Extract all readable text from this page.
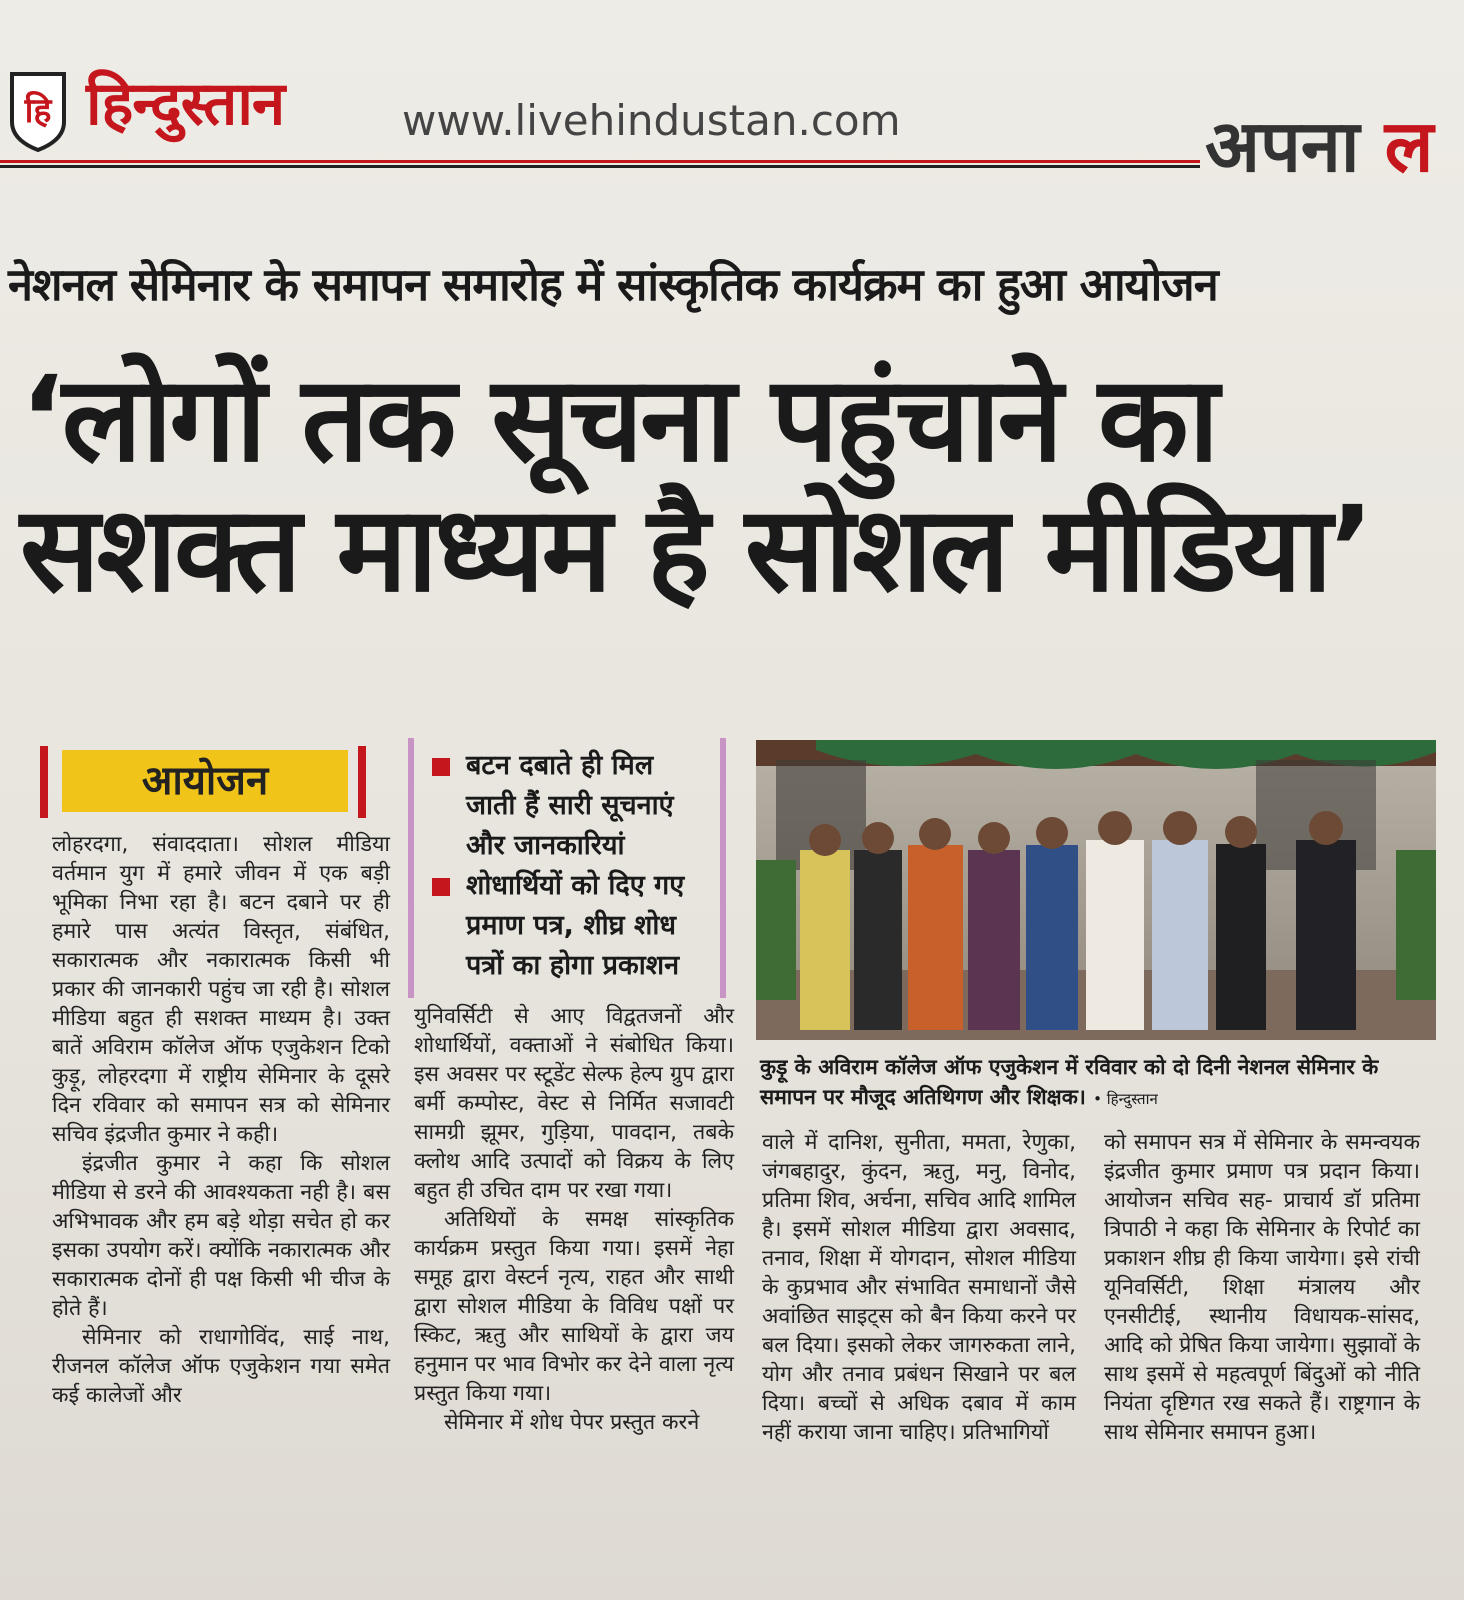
हि हिन्दुस्तान	www.livehindustan.com	अपना ल
नेशनल सेमिनार के समापन समारोह में सांस्कृतिक कार्यक्रम का हुआ आयोजन
‘लोगों तक सूचना पहुंचाने का
सशक्त माध्यम है सोशल मीडिया’
आयोजन	बटन दबाते ही मिल जाती हैं सारी सूचनाएं और जानकारियां
शोधार्थियों को दिए गए प्रमाण पत्र, शीघ्र शोध पत्रों का होगा प्रकाशन
कुड़ू के अविराम कॉलेज ऑफ एजुकेशन में रविवार को दो दिनी नेशनल सेमिनार के समापन पर मौजूद अतिथिगण और शिक्षक। • हिन्दुस्तान

लोहरदगा, संवाददाता। सोशल मीडिया वर्तमान युग में हमारे जीवन में एक बड़ी भूमिका निभा रहा है। बटन दबाने पर ही हमारे पास अत्यंत विस्तृत, संबंधित, सकारात्मक और नकारात्मक किसी भी प्रकार की जानकारी पहुंच जा रही है। सोशल मीडिया बहुत ही सशक्त माध्यम है। उक्त बातें अविराम कॉलेज ऑफ एजुकेशन टिको कुड़ू, लोहरदगा में राष्ट्रीय सेमिनार के दूसरे दिन रविवार को समापन सत्र को सेमिनार सचिव इंद्रजीत कुमार ने कही।

इंद्रजीत कुमार ने कहा कि सोशल मीडिया से डरने की आवश्यकता नही है। बस अभिभावक और हम बड़े थोड़ा सचेत हो कर इसका उपयोग करें। क्योंकि नकारात्मक और सकारात्मक दोनों ही पक्ष किसी भी चीज के होते हैं।

सेमिनार को राधागोविंद, साई नाथ, रीजनल कॉलेज ऑफ एजुकेशन गया समेत कई कालेजों और

युनिवर्सिटी से आए विद्वतजनों और शोधार्थियों, वक्ताओं ने संबोधित किया। इस अवसर पर स्टूडेंट सेल्फ हेल्प ग्रुप द्वारा बर्मी कम्पोस्ट, वेस्ट से निर्मित सजावटी सामग्री झूमर, गुड़िया, पावदान, तबके क्लोथ आदि उत्पादों को विक्रय के लिए बहुत ही उचित दाम पर रखा गया।

अतिथियों के समक्ष सांस्कृतिक कार्यक्रम प्रस्तुत किया गया। इसमें नेहा समूह द्वारा वेस्टर्न नृत्य, राहत और साथी द्वारा सोशल मीडिया के विविध पक्षों पर स्किट, ऋतु और साथियों के द्वारा जय हनुमान पर भाव विभोर कर देने वाला नृत्य प्रस्तुत किया गया।

सेमिनार में शोध पेपर प्रस्तुत करने

वाले में दानिश, सुनीता, ममता, रेणुका, जंगबहादुर, कुंदन, ऋतु, मनु, विनोद, प्रतिमा शिव, अर्चना, सचिव आदि शामिल है। इसमें सोशल मीडिया द्वारा अवसाद, तनाव, शिक्षा में योगदान, सोशल मीडिया के कुप्रभाव और संभावित समाधानों जैसे अवांछित साइट्स को बैन किया करने पर बल दिया। इसको लेकर जागरुकता लाने, योग और तनाव प्रबंधन सिखाने पर बल दिया। बच्चों से अधिक दबाव में काम नहीं कराया जाना चाहिए। प्रतिभागियों

को समापन सत्र में सेमिनार के समन्वयक इंद्रजीत कुमार प्रमाण पत्र प्रदान किया। आयोजन सचिव सह- प्राचार्य डॉ प्रतिमा त्रिपाठी ने कहा कि सेमिनार के रिपोर्ट का प्रकाशन शीघ्र ही किया जायेगा। इसे रांची यूनिवर्सिटी, शिक्षा मंत्रालय और एनसीटीई, स्थानीय विधायक-सांसद, आदि को प्रेषित किया जायेगा। सुझावों के साथ इसमें से महत्वपूर्ण बिंदुओं को नीति नियंता दृष्टिगत रख सकते हैं। राष्ट्रगान के साथ सेमिनार समापन हुआ।
